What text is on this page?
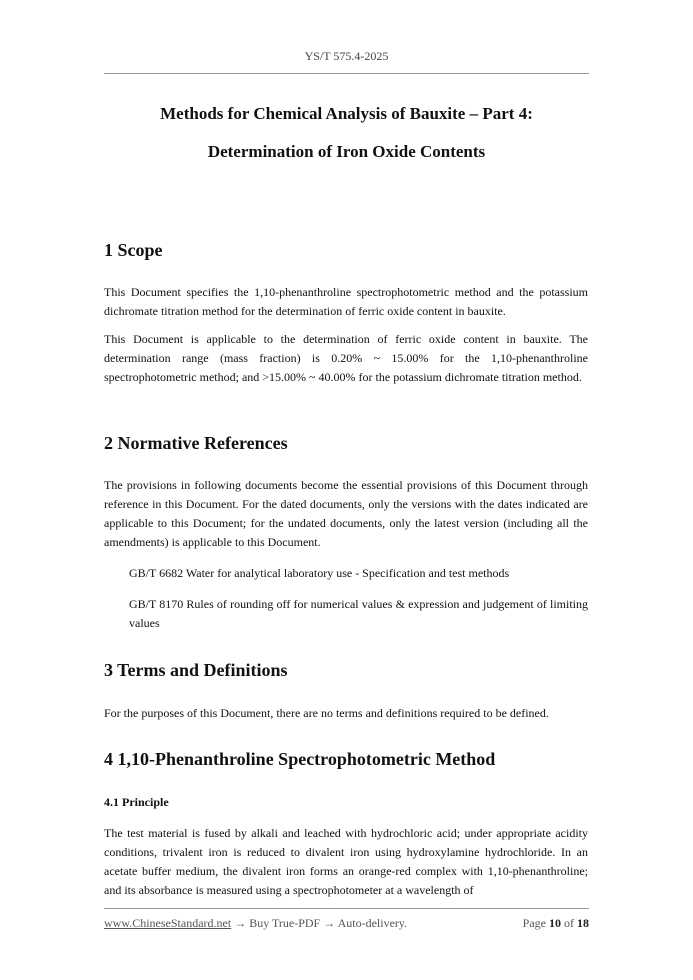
YS/T 575.4-2025
Methods for Chemical Analysis of Bauxite – Part 4:
Determination of Iron Oxide Contents
1 Scope

This Document specifies the 1,10-phenanthroline spectrophotometric method and the potassium dichromate titration method for the determination of ferric oxide content in bauxite.

This Document is applicable to the determination of ferric oxide content in bauxite. The determination range (mass fraction) is 0.20% ~ 15.00% for the 1,10-phenanthroline spectrophotometric method; and >15.00% ~ 40.00% for the potassium dichromate titration method.

2 Normative References

The provisions in following documents become the essential provisions of this Document through reference in this Document. For the dated documents, only the versions with the dates indicated are applicable to this Document; for the undated documents, only the latest version (including all the amendments) is applicable to this Document.

GB/T 6682 Water for analytical laboratory use - Specification and test methods

GB/T 8170 Rules of rounding off for numerical values & expression and judgement of limiting values

3 Terms and Definitions

For the purposes of this Document, there are no terms and definitions required to be defined.

4 1,10-Phenanthroline Spectrophotometric Method
4.1 Principle

The test material is fused by alkali and leached with hydrochloric acid; under appropriate acidity conditions, trivalent iron is reduced to divalent iron using hydroxylamine hydrochloride. In an acetate buffer medium, the divalent iron forms an orange-red complex with 1,10-phenanthroline; and its absorbance is measured using a spectrophotometer at a wavelength of

www.ChineseStandard.net → Buy True-PDF → Auto-delivery.	Page 10 of 18
